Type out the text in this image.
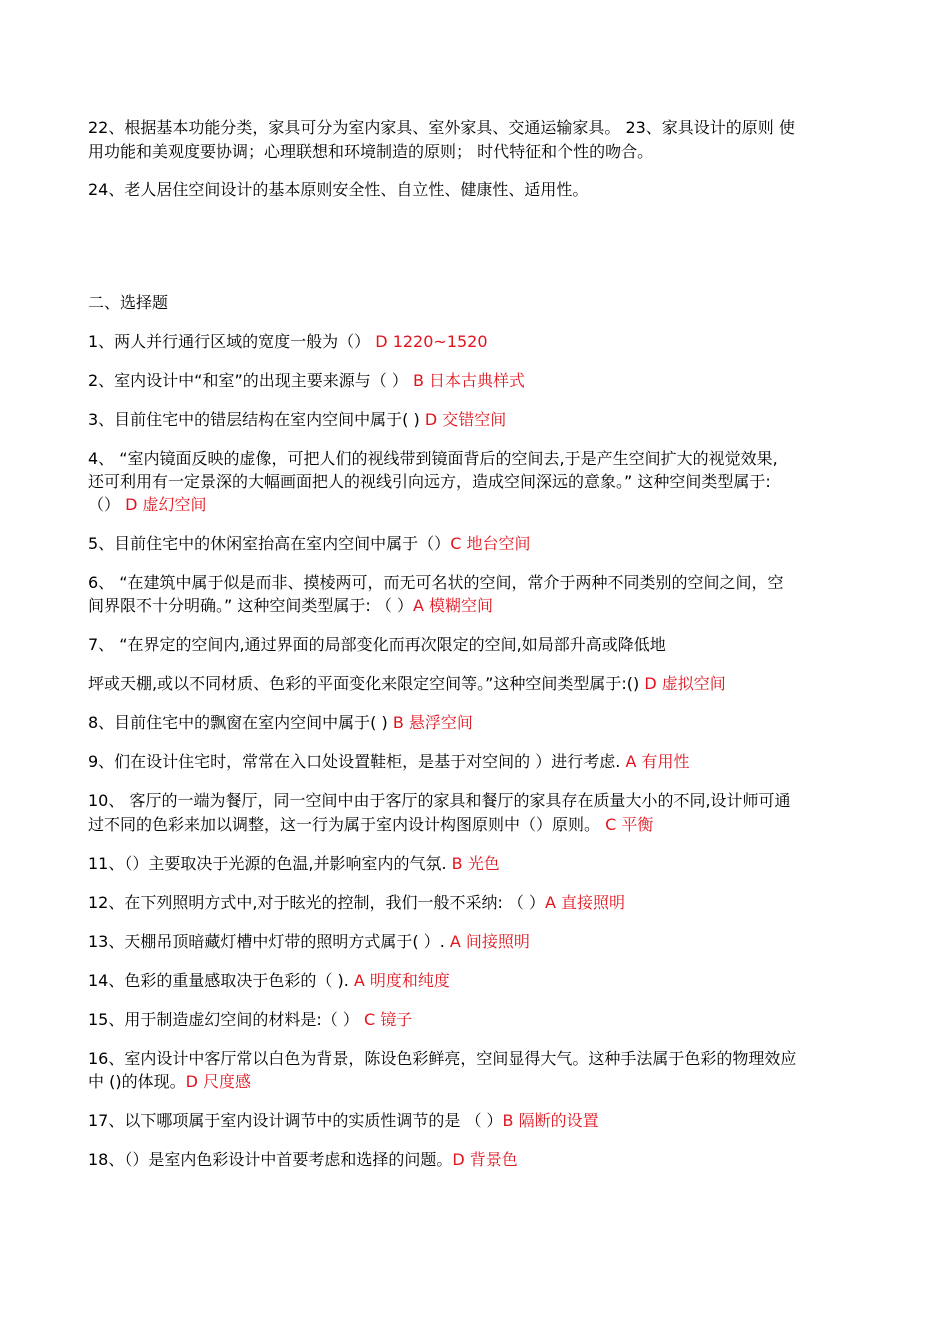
22、根据基本功能分类，家具可分为室内家具、室外家具、交通运输家具。 23、家具设计的原则 使
用功能和美观度要协调；心理联想和环境制造的原则； 时代特征和个性的吻合。
24、老人居住空间设计的基本原则安全性、自立性、健康性、适用性。
二、选择题
1、两人并行通行区域的宽度一般为（） D 1220~1520
2、室内设计中“和室”的出现主要来源与（ ） B 日本古典样式
3、目前住宅中的错层结构在室内空间中属于( ) D 交错空间
4、 “室内镜面反映的虚像，可把人们的视线带到镜面背后的空间去,于是产生空间扩大的视觉效果,
还可利用有一定景深的大幅画面把人的视线引向远方，造成空间深远的意象。” 这种空间类型属于:
（） D 虚幻空间
5、目前住宅中的休闲室抬高在室内空间中属于（）C 地台空间
6、 “在建筑中属于似是而非、摸棱两可，而无可名状的空间，常介于两种不同类别的空间之间，空
间界限不十分明确。” 这种空间类型属于: （ ）A 模糊空间
7、 “在界定的空间内,通过界面的局部变化而再次限定的空间,如局部升高或降低地
坪或天棚,或以不同材质、色彩的平面变化来限定空间等。”这种空间类型属于:() D 虚拟空间
8、目前住宅中的飘窗在室内空间中属于( ) B 悬浮空间
9、们在设计住宅时，常常在入口处设置鞋柜，是基于对空间的 ）进行考虑. A 有用性
10、 客厅的一端为餐厅，同一空间中由于客厅的家具和餐厅的家具存在质量大小的不同,设计师可通
过不同的色彩来加以调整，这一行为属于室内设计构图原则中（）原则。 C 平衡
11、（）主要取决于光源的色温,并影响室内的气氛. B 光色
12、在下列照明方式中,对于眩光的控制，我们一般不采纳: （ ）A 直接照明
13、天棚吊顶暗藏灯槽中灯带的照明方式属于( ）. A 间接照明
14、色彩的重量感取决于色彩的（ ). A 明度和纯度
15、用于制造虚幻空间的材料是:（ ） C 镜子
16、室内设计中客厅常以白色为背景，陈设色彩鲜亮，空间显得大气。这种手法属于色彩的物理效应
中 ()的体现。D 尺度感
17、以下哪项属于室内设计调节中的实质性调节的是 （ ）B 隔断的设置
18、（）是室内色彩设计中首要考虑和选择的问题。D 背景色
